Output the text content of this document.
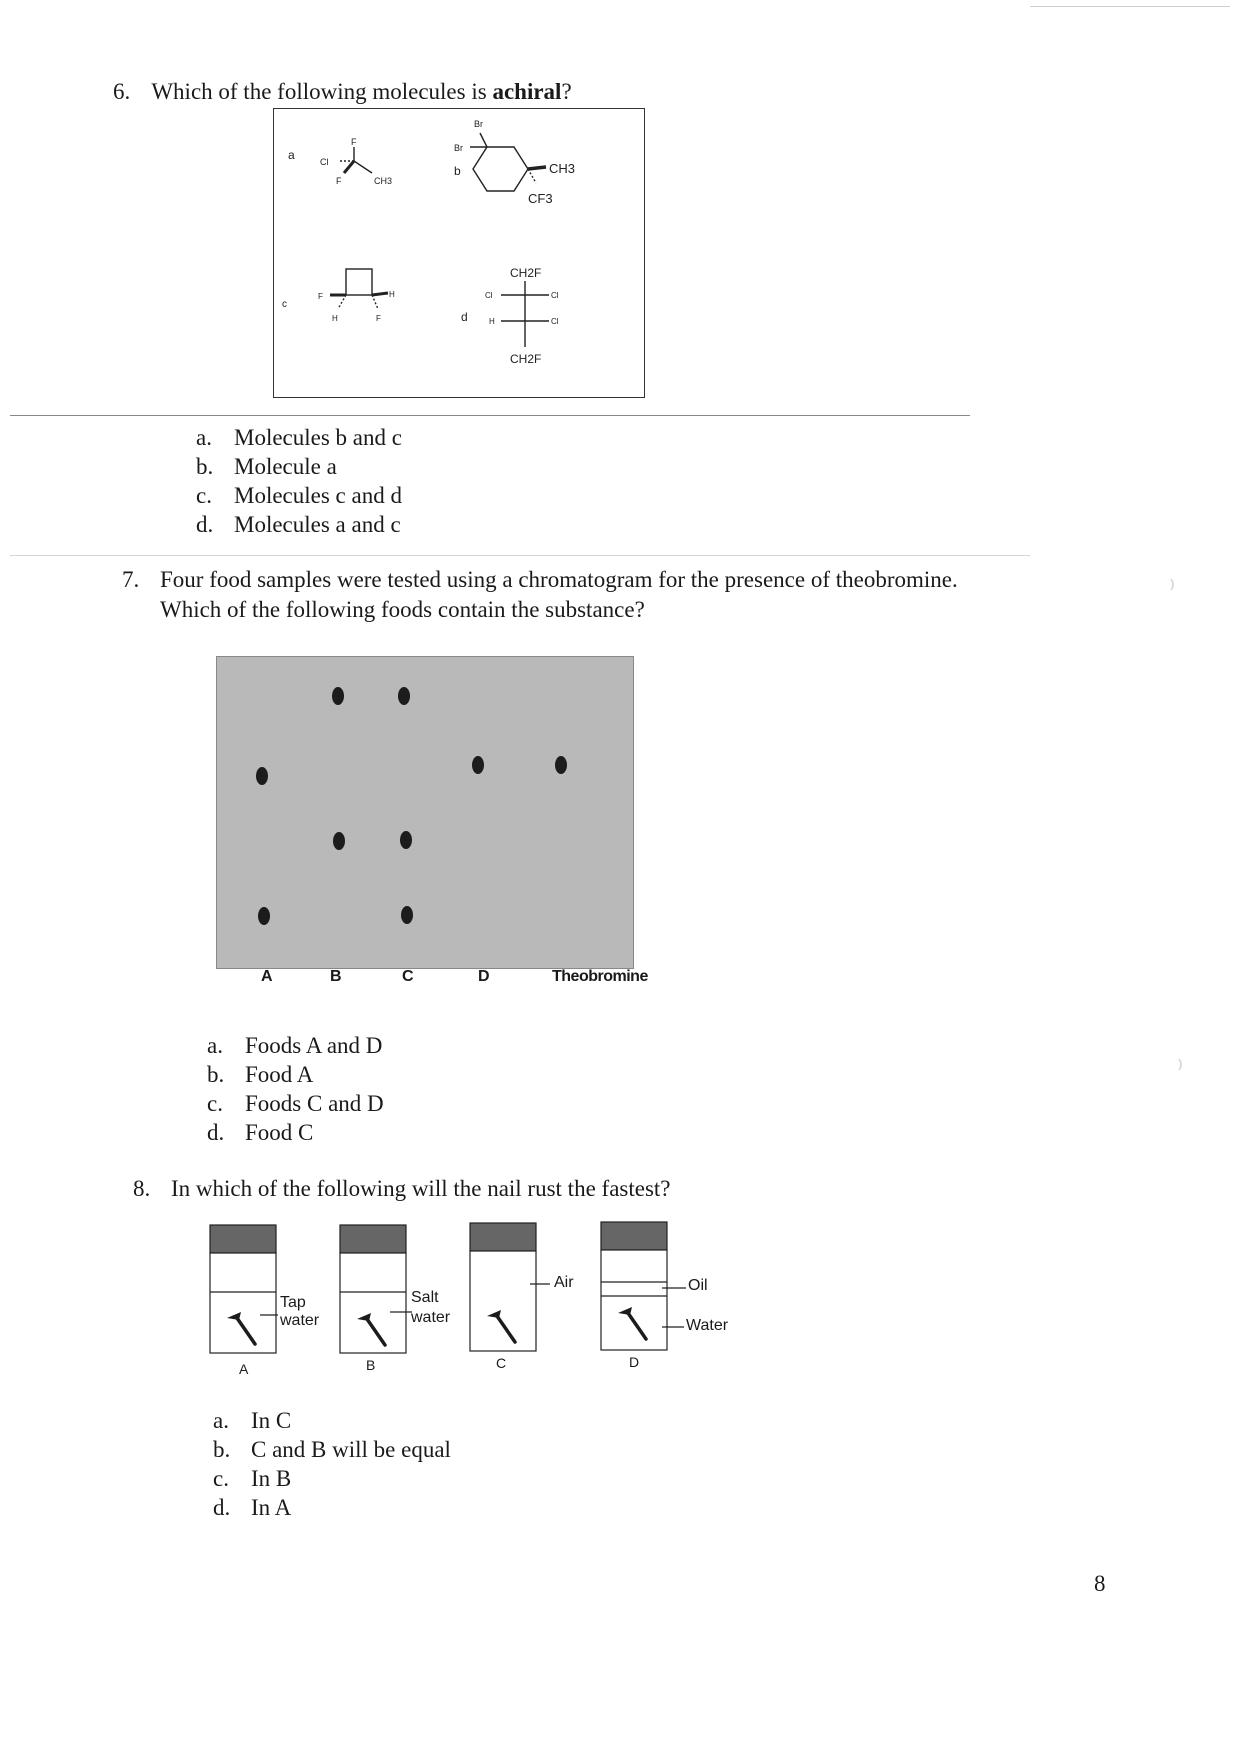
6. Which of the following molecules is achiral?
a
F
Cl
CH3
F
b
Br
Br
CH3
CF3
c
F	H
H	F	d
CH2F
Cl	Cl
H	Cl
CH2F
a. Molecules b and c
b. Molecule a
c. Molecules c and d
d. Molecules a and c
7. Four food samples were tested using a chromatogram for the presence of theobromine.
Which of the following foods contain the substance?
A	B	C	D	Theobromine
a. Foods A and D
b. Food A
c. Foods C and D
d. Food C
8. In which of the following will the nail rust the fastest?
Tap
water
Salt
water
Air	Oil
Water
A	B	C	D
a. In C
b. C and B will be equal
c. In B
d. In A
8
⦆
⦆
